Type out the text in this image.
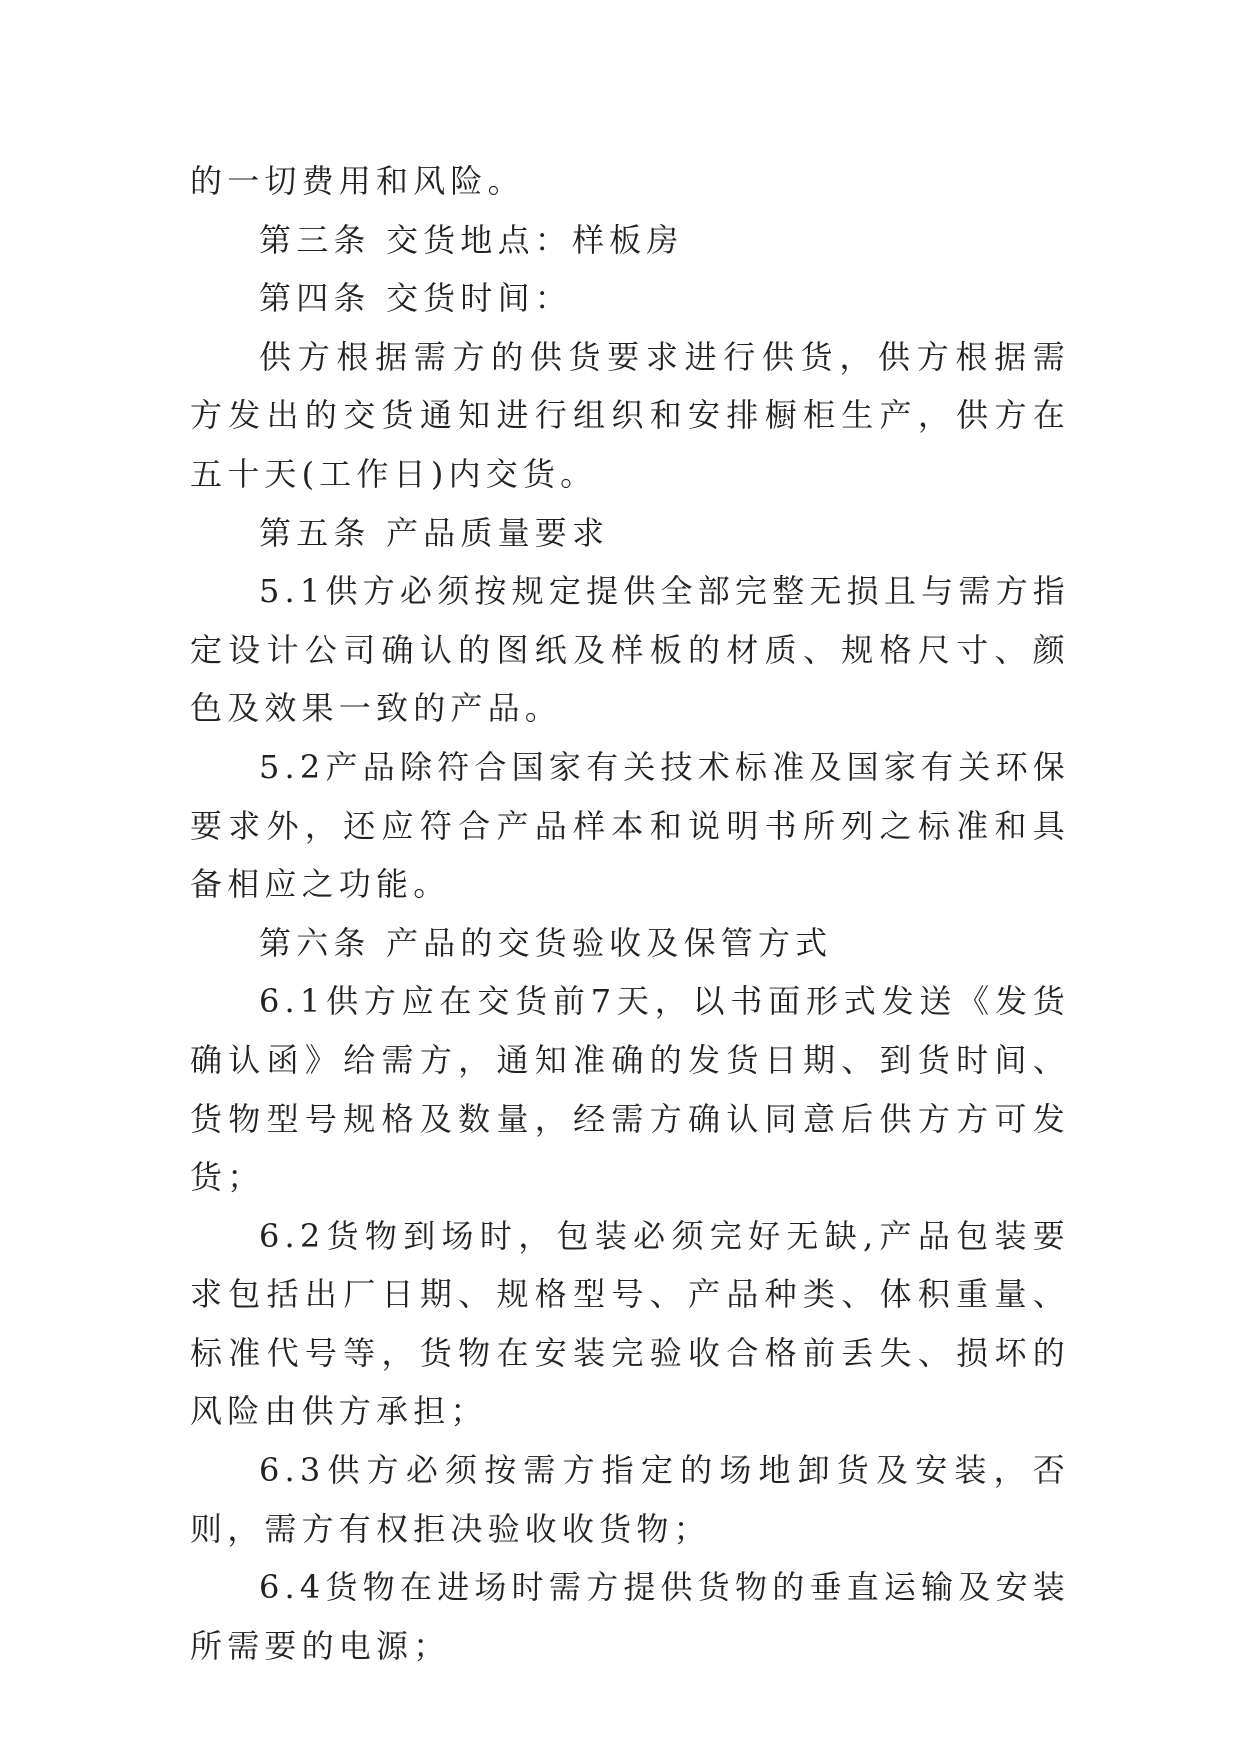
的一切费用和风险。

第三条 交货地点：样板房

第四条 交货时间：

供方根据需方的供货要求进行供货，供方根据需方发出的交货通知进行组织和安排橱柜生产，供方在五十天(工作日)内交货。

第五条 产品质量要求

5.1供方必须按规定提供全部完整无损且与需方指定设计公司确认的图纸及样板的材质、规格尺寸、颜色及效果一致的产品。

5.2产品除符合国家有关技术标准及国家有关环保要求外，还应符合产品样本和说明书所列之标准和具备相应之功能。

第六条 产品的交货验收及保管方式

6.1供方应在交货前7天，以书面形式发送《发货确认函》给需方，通知准确的发货日期、到货时间、货物型号规格及数量，经需方确认同意后供方方可发货；

6.2货物到场时，包装必须完好无缺,产品包装要求包括出厂日期、规格型号、产品种类、体积重量、标准代号等，货物在安装完验收合格前丢失、损坏的风险由供方承担；

6.3供方必须按需方指定的场地卸货及安装，否则，需方有权拒决验收收货物；

6.4货物在进场时需方提供货物的垂直运输及安装所需要的电源；
